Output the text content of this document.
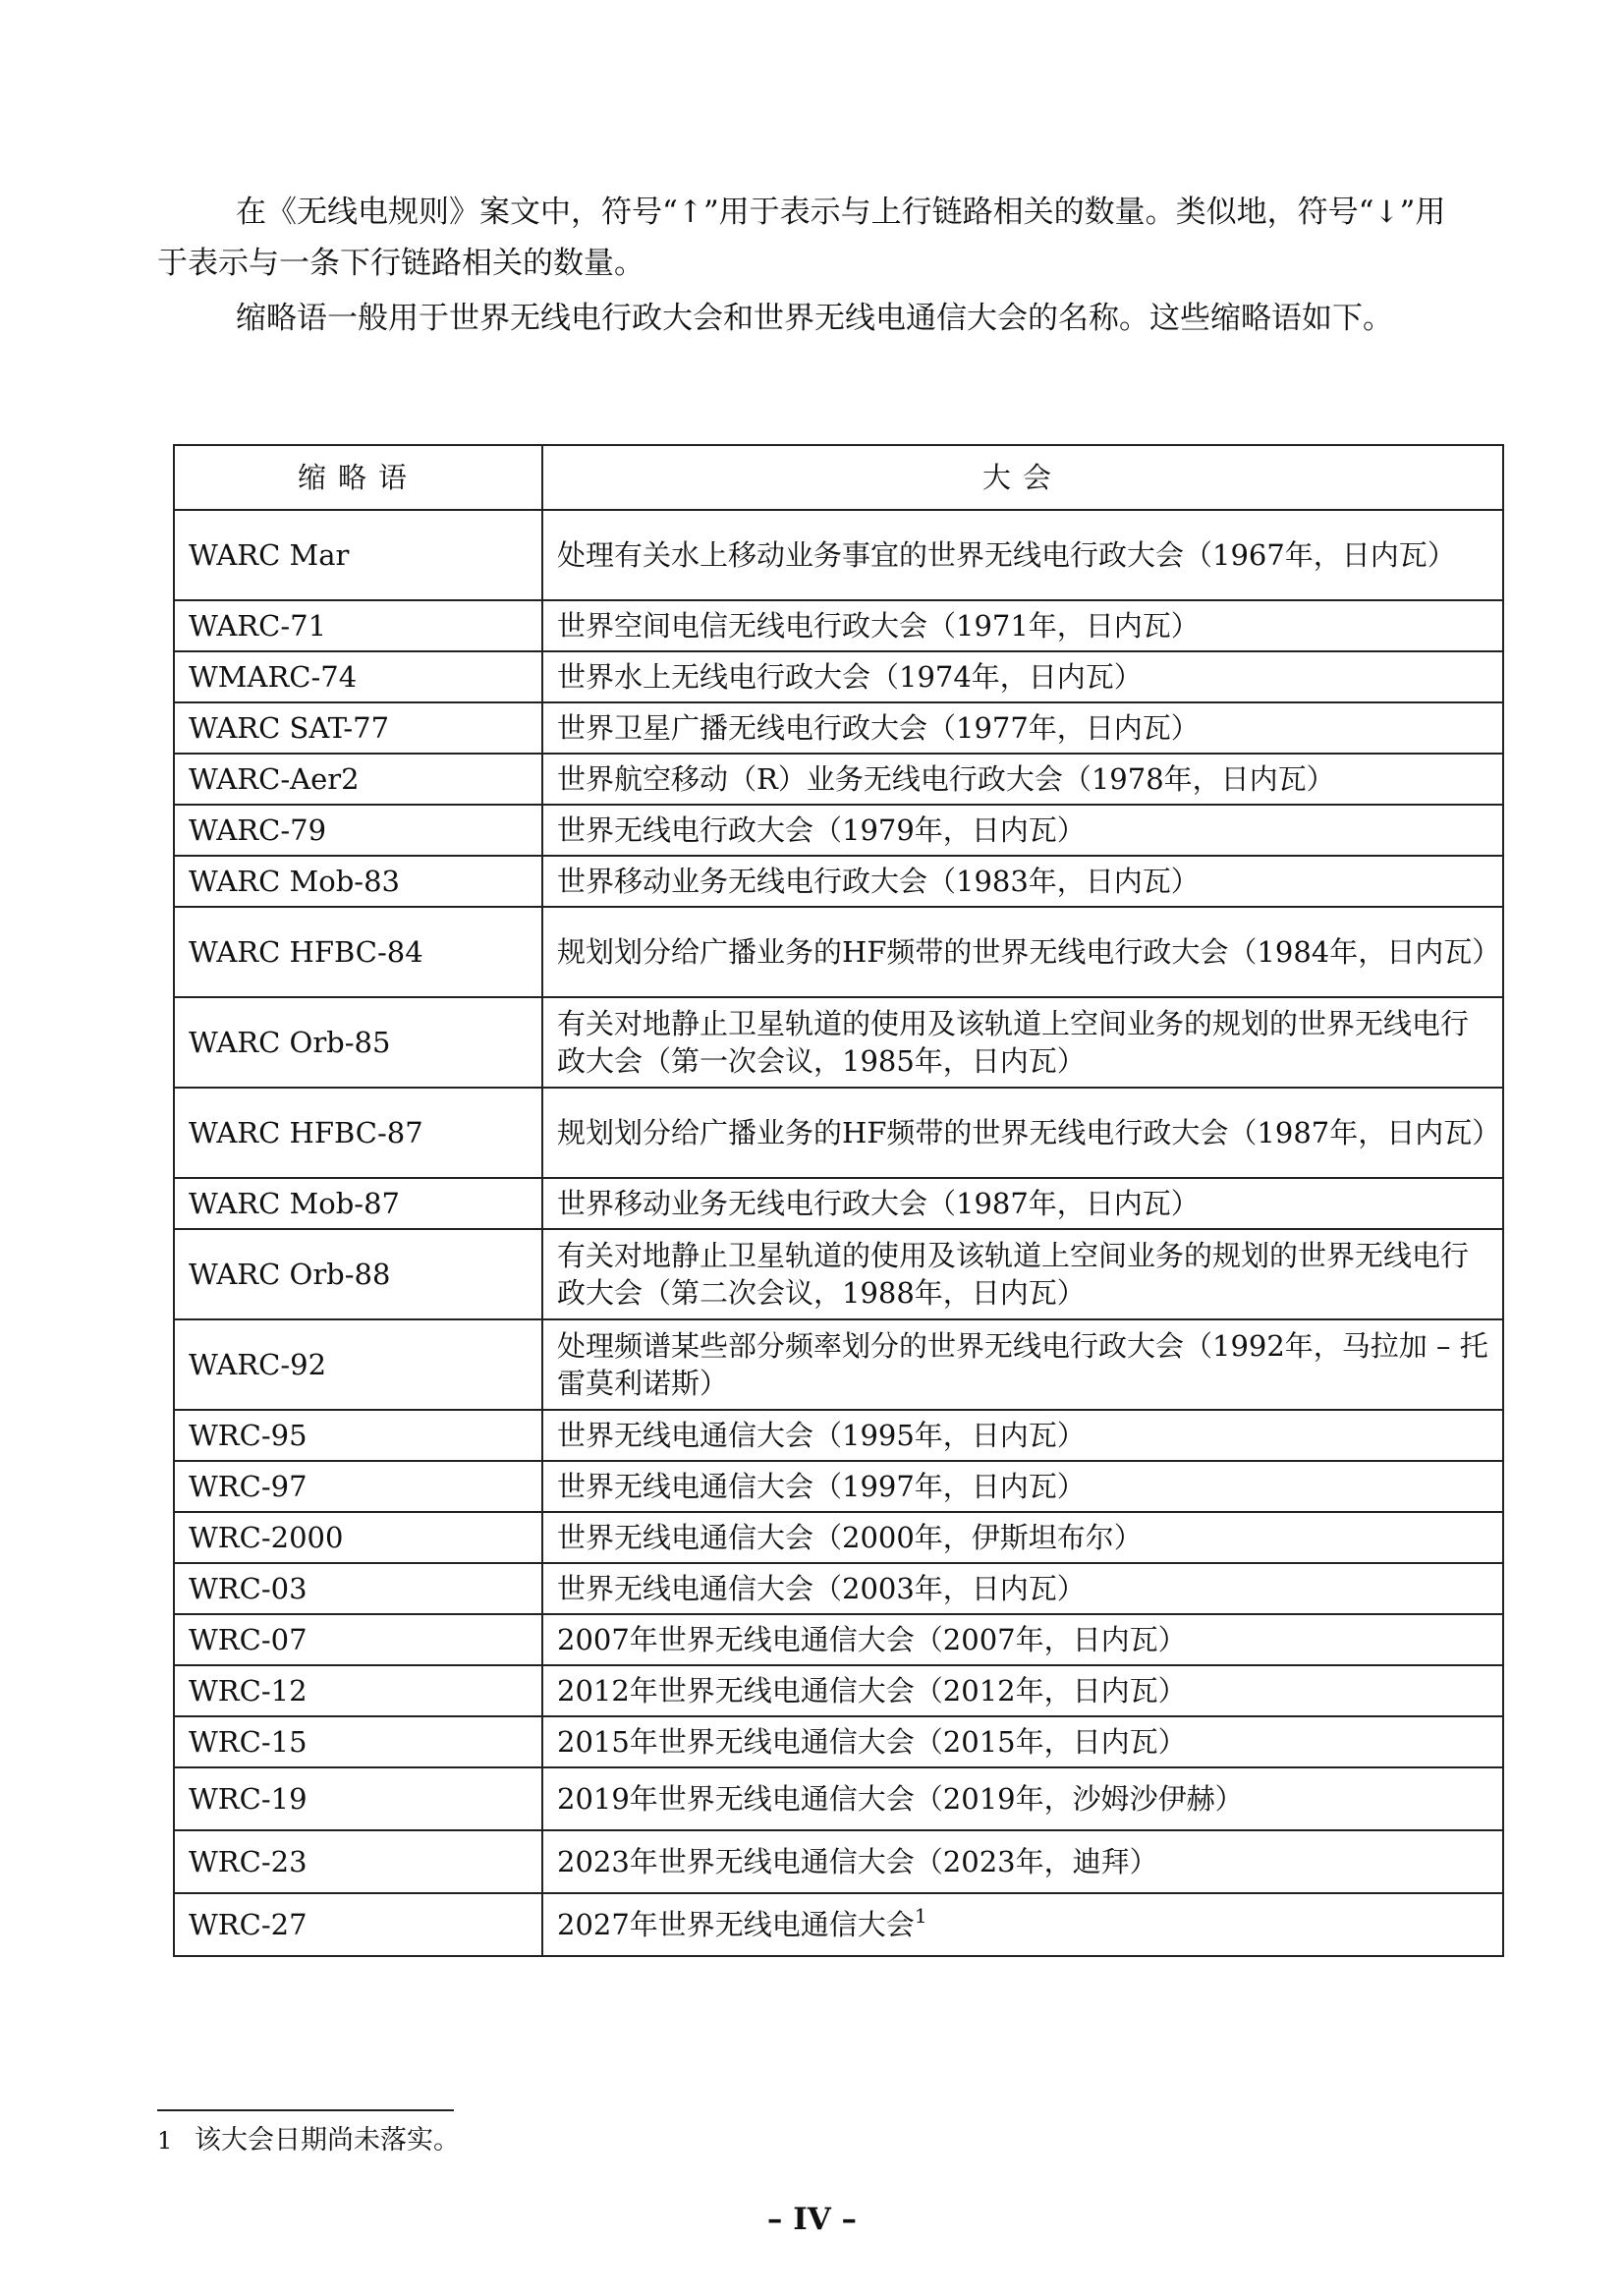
在《无线电规则》案文中，符号“↑”用于表示与上行链路相关的数量。类似地，符号“↓”用于表示与一条下行链路相关的数量。

缩略语一般用于世界无线电行政大会和世界无线电通信大会的名称。这些缩略语如下。

缩略语	大会
WARC Mar	处理有关水上移动业务事宜的世界无线电行政大会（1967年，日内瓦）
WARC-71	世界空间电信无线电行政大会（1971年，日内瓦）
WMARC-74	世界水上无线电行政大会（1974年，日内瓦）
WARC SAT-77	世界卫星广播无线电行政大会（1977年，日内瓦）
WARC-Aer2	世界航空移动（R）业务无线电行政大会（1978年，日内瓦）
WARC-79	世界无线电行政大会（1979年，日内瓦）
WARC Mob-83	世界移动业务无线电行政大会（1983年，日内瓦）
WARC HFBC-84	规划划分给广播业务的HF频带的世界无线电行政大会（1984年，日内瓦）
WARC Orb-85	有关对地静止卫星轨道的使用及该轨道上空间业务的规划的世界无线电行政大会（第一次会议，1985年，日内瓦）
WARC HFBC-87	规划划分给广播业务的HF频带的世界无线电行政大会（1987年，日内瓦）
WARC Mob-87	世界移动业务无线电行政大会（1987年，日内瓦）
WARC Orb-88	有关对地静止卫星轨道的使用及该轨道上空间业务的规划的世界无线电行政大会（第二次会议，1988年，日内瓦）
WARC-92	处理频谱某些部分频率划分的世界无线电行政大会（1992年，马拉加 – 托雷莫利诺斯）
WRC-95	世界无线电通信大会（1995年，日内瓦）
WRC-97	世界无线电通信大会（1997年，日内瓦）
WRC-2000	世界无线电通信大会（2000年，伊斯坦布尔）
WRC-03	世界无线电通信大会（2003年，日内瓦）
WRC-07	2007年世界无线电通信大会（2007年，日内瓦）
WRC-12	2012年世界无线电通信大会（2012年，日内瓦）
WRC-15	2015年世界无线电通信大会（2015年，日内瓦）
WRC-19	2019年世界无线电通信大会（2019年，沙姆沙伊赫）
WRC-23	2023年世界无线电通信大会（2023年，迪拜）
WRC-27	2027年世界无线电通信大会$^1$
1 该大会日期尚未落实。
– IV –
